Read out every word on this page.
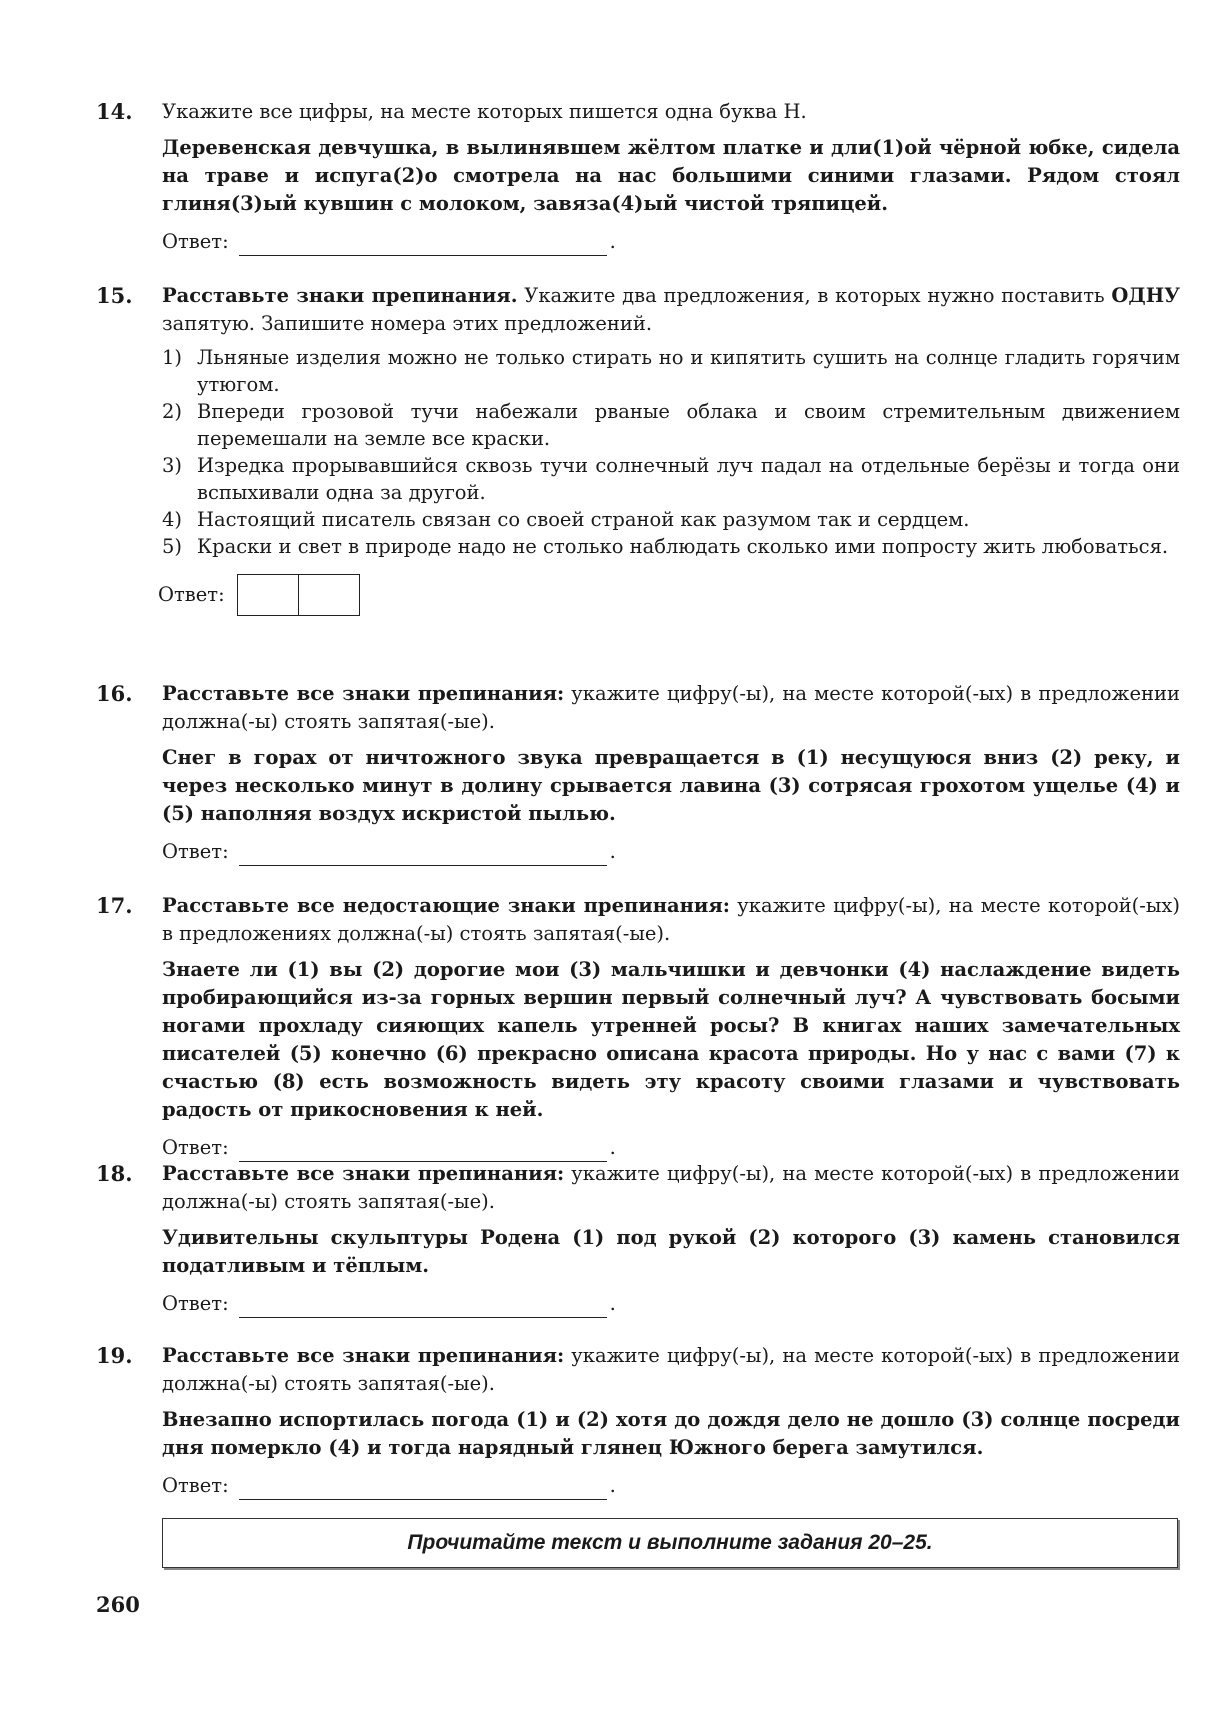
14. Укажите все цифры, на месте которых пишется одна буква Н.

Деревенская девчушка, в вылинявшем жёлтом платке и дли(1)ой чёрной юбке, сидела на траве и испуга(2)о смотрела на нас большими синими глазами. Рядом стоял глиня(3)ый кувшин с молоком, завяза(4)ый чистой тряпицей.

Ответ:	.
15. Расставьте знаки препинания. Укажите два предложения, в которых нужно поставить ОДНУ запятую. Запишите номера этих предложений.

1) Льняные изделия можно не только стирать но и кипятить сушить на солнце гладить горячим утюгом.
2) Впереди грозовой тучи набежали рваные облака и своим стремительным движением перемешали на земле все краски.
3) Изредка прорывавшийся сквозь тучи солнечный луч падал на отдельные берёзы и тогда они вспыхивали одна за другой.
4) Настоящий писатель связан со своей страной как разумом так и сердцем.
5) Краски и свет в природе надо не столько наблюдать сколько ими попросту жить любоваться.
Ответ:
16. Расставьте все знаки препинания: укажите цифру(-ы), на месте которой(-ых) в предложении должна(-ы) стоять запятая(-ые).

Снег в горах от ничтожного звука превращается в (1) несущуюся вниз (2) реку, и через несколько минут в долину срывается лавина (3) сотрясая грохотом ущелье (4) и (5) наполняя воздух искристой пылью.

Ответ:	.
17. Расставьте все недостающие знаки препинания: укажите цифру(-ы), на месте которой(-ых) в предложениях должна(-ы) стоять запятая(-ые).

Знаете ли (1) вы (2) дорогие мои (3) мальчишки и девчонки (4) наслаждение видеть пробирающийся из-за горных вершин первый солнечный луч? А чувствовать босыми ногами прохладу сияющих капель утренней росы? В книгах наших замечательных писателей (5) конечно (6) прекрасно описана красота природы. Но у нас с вами (7) к счастью (8) есть возможность видеть эту красоту своими глазами и чувствовать радость от прикосновения к ней.

Ответ:	.
18. Расставьте все знаки препинания: укажите цифру(-ы), на месте которой(-ых) в предложении должна(-ы) стоять запятая(-ые).

Удивительны скульптуры Родена (1) под рукой (2) которого (3) камень становился податливым и тёплым.

Ответ:	.
19. Расставьте все знаки препинания: укажите цифру(-ы), на месте которой(-ых) в предложении должна(-ы) стоять запятая(-ые).

Внезапно испортилась погода (1) и (2) хотя до дождя дело не дошло (3) солнце посреди дня померкло (4) и тогда нарядный глянец Южного берега замутился.

Ответ:	.
Прочитайте текст и выполните задания 20–25.
260
